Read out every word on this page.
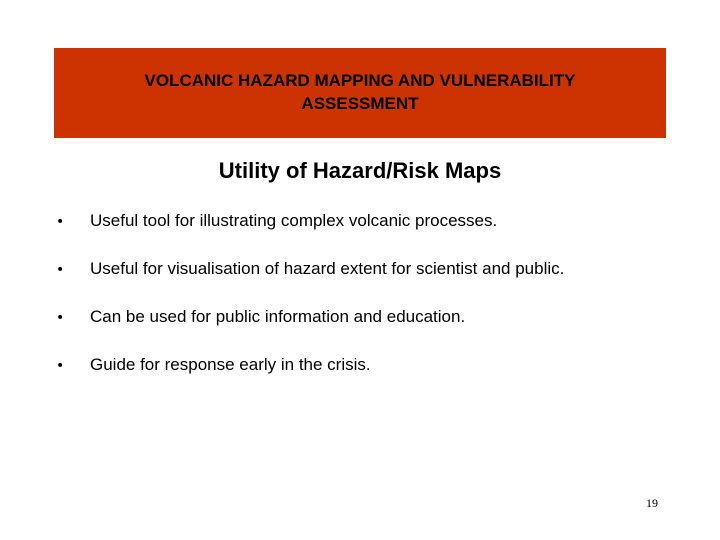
VOLCANIC HAZARD MAPPING AND VULNERABILITY
ASSESSMENT
Utility of Hazard/Risk Maps
• Useful tool for illustrating complex volcanic processes.
• Useful for visualisation of hazard extent for scientist and public.
• Can be used for public information and education.
• Guide for response early in the crisis.
19
